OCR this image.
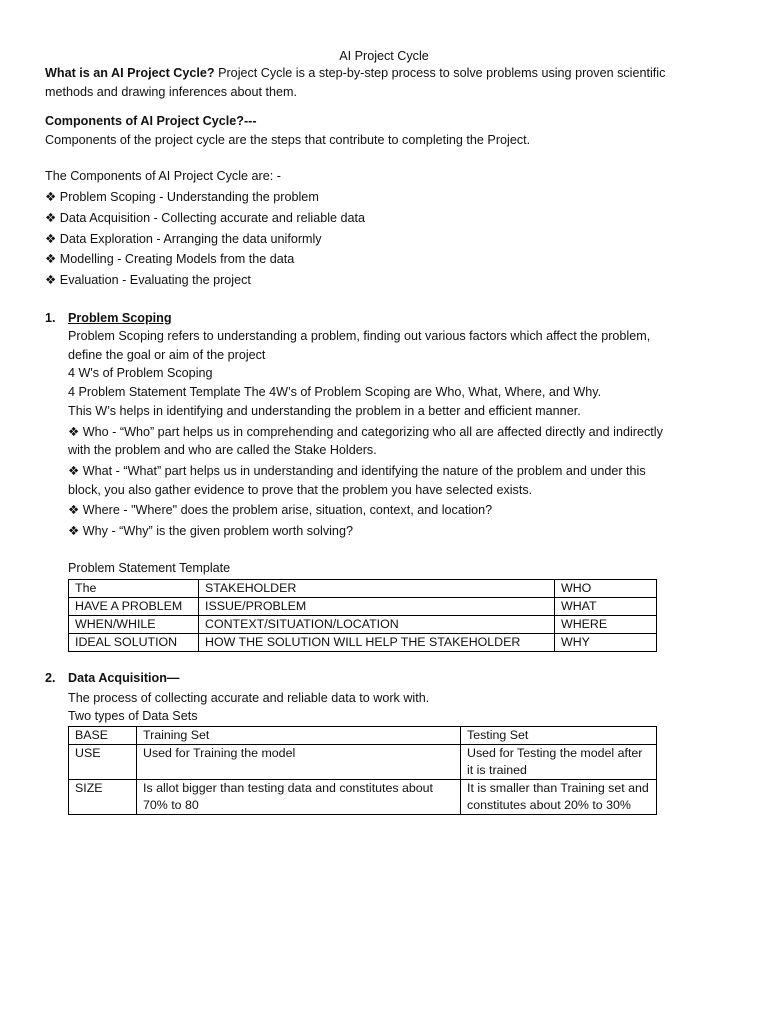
AI Project Cycle
What is an AI Project Cycle? Project Cycle is a step-by-step process to solve problems using proven scientific
methods and drawing inferences about them.
Components of AI Project Cycle?---
Components of the project cycle are the steps that contribute to completing the Project.
The Components of AI Project Cycle are: -
❖ Problem Scoping - Understanding the problem
❖ Data Acquisition - Collecting accurate and reliable data
❖ Data Exploration - Arranging the data uniformly
❖ Modelling - Creating Models from the data
❖ Evaluation - Evaluating the project
1. Problem Scoping
Problem Scoping refers to understanding a problem, finding out various factors which affect the problem,
define the goal or aim of the project
4 W's of Problem Scoping
4 Problem Statement Template The 4W’s of Problem Scoping are Who, What, Where, and Why.
This W’s helps in identifying and understanding the problem in a better and efficient manner.
❖ Who - “Who” part helps us in comprehending and categorizing who all are affected directly and indirectly
with the problem and who are called the Stake Holders.
❖ What - “What” part helps us in understanding and identifying the nature of the problem and under this
block, you also gather evidence to prove that the problem you have selected exists.
❖ Where - "Where" does the problem arise, situation, context, and location?
❖ Why - “Why” is the given problem worth solving?
Problem Statement Template
The	STAKEHOLDER	WHO
HAVE A PROBLEM	ISSUE/PROBLEM	WHAT
WHEN/WHILE	CONTEXT/SITUATION/LOCATION	WHERE
IDEAL SOLUTION	HOW THE SOLUTION WILL HELP THE STAKEHOLDER	WHY
2. Data Acquisition—
The process of collecting accurate and reliable data to work with.
Two types of Data Sets
BASE	Training Set	Testing Set
USE	Used for Training the model	Used for Testing the model after it is trained
SIZE	Is allot bigger than testing data and constitutes about 70% to 80	It is smaller than Training set and constitutes about 20% to 30%
